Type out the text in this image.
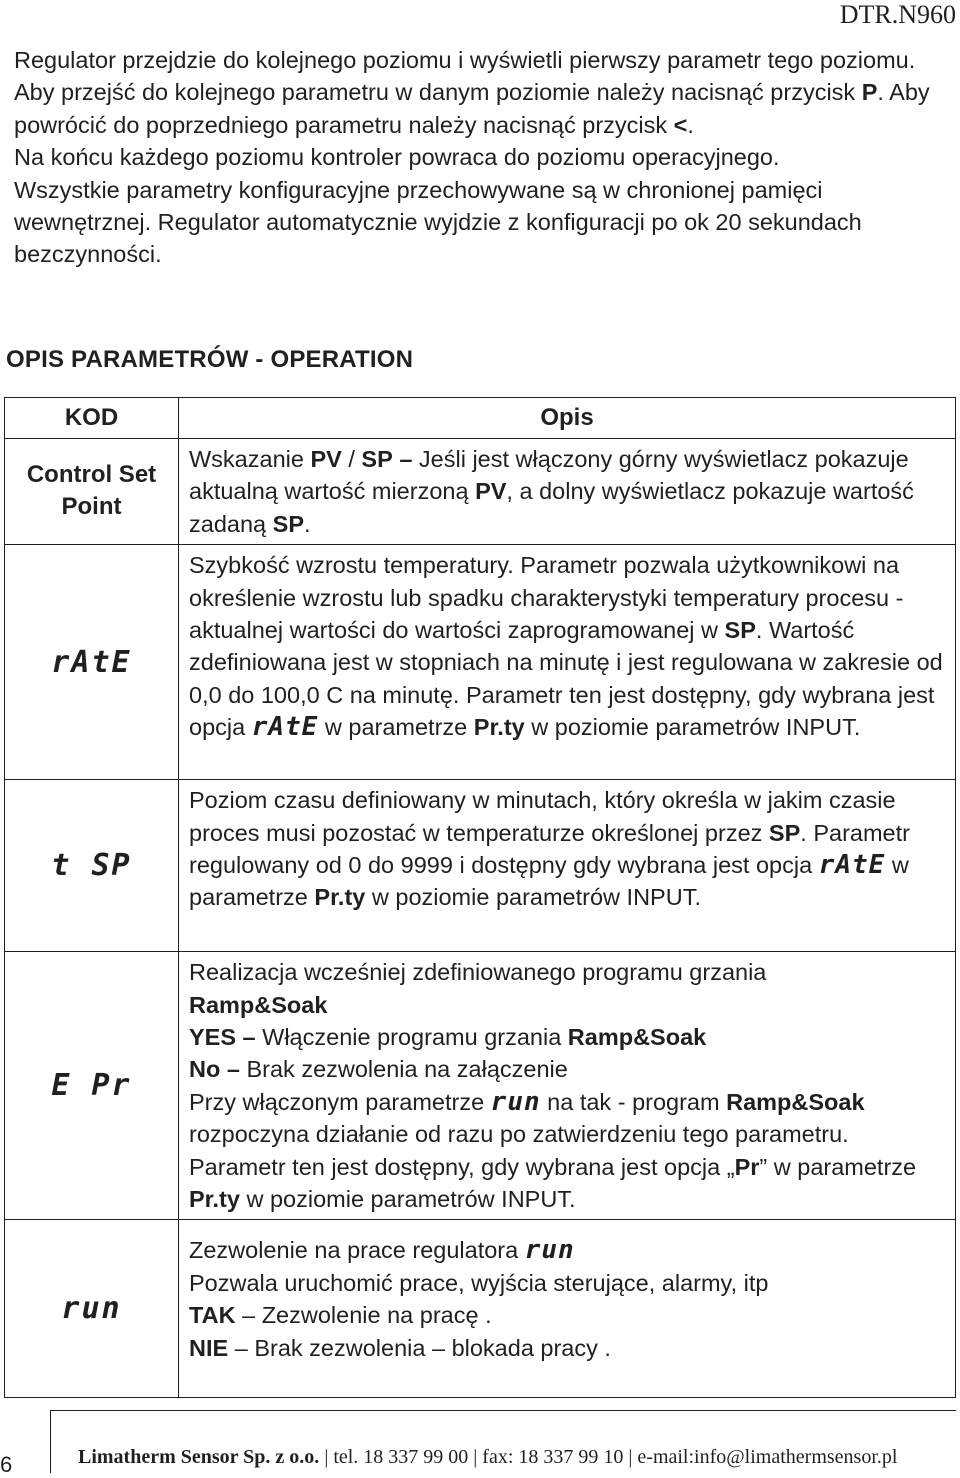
DTR.N960

Regulator przejdzie do kolejnego poziomu i wyświetli pierwszy parametr tego poziomu. Aby przejść do kolejnego parametru w danym poziomie należy nacisnąć przycisk P. Aby powrócić do poprzedniego parametru należy nacisnąć przycisk <.

Na końcu każdego poziomu kontroler powraca do poziomu operacyjnego.

Wszystkie parametry konfiguracyjne przechowywane są w chronionej pamięci wewnętrznej. Regulator automatycznie wyjdzie z konfiguracji po ok 20 sekundach bezczynności.

OPIS PARAMETRÓW - OPERATION
KOD	Opis

Control Set
Point	Wskazanie PV / SP – Jeśli jest włączony górny wyświetlacz pokazuje aktualną wartość mierzoną PV, a dolny wyświetlacz pokazuje wartość zadaną SP.
rAtE	Szybkość wzrostu temperatury. Parametr pozwala użytkownikowi na określenie wzrostu lub spadku charakterystyki temperatury procesu - aktualnej wartości do wartości zaprogramowanej w SP. Wartość zdefiniowana jest w stopniach na minutę i jest regulowana w zakresie od 0,0 do 100,0 C na minutę. Parametr ten jest dostępny, gdy wybrana jest opcja rAtE w parametrze Pr.ty w poziomie parametrów INPUT.
t SP	Poziom czasu definiowany w minutach, który określa w jakim czasie proces musi pozostać w temperaturze określonej przez SP. Parametr regulowany od 0 do 9999 i dostępny gdy wybrana jest opcja rAtE w parametrze Pr.ty w poziomie parametrów INPUT.
E Pr	Realizacja wcześniej zdefiniowanego programu grzania
Ramp&Soak
YES – Włączenie programu grzania Ramp&Soak
No – Brak zezwolenia na załączenie
Przy włączonym parametrze run na tak - program Ramp&Soak rozpoczyna działanie od razu po zatwierdzeniu tego parametru. Parametr ten jest dostępny, gdy wybrana jest opcja „Pr” w parametrze Pr.ty w poziomie parametrów INPUT.

run	Zezwolenie na prace regulatora run
Pozwala uruchomić prace, wyjścia sterujące, alarmy, itp
TAK – Zezwolenie na pracę .
NIE – Brak zezwolenia – blokada pracy .
6	Limatherm Sensor Sp. z o.o. | tel. 18 337 99 00 | fax: 18 337 99 10 | e-mail:info@limathermsensor.pl
